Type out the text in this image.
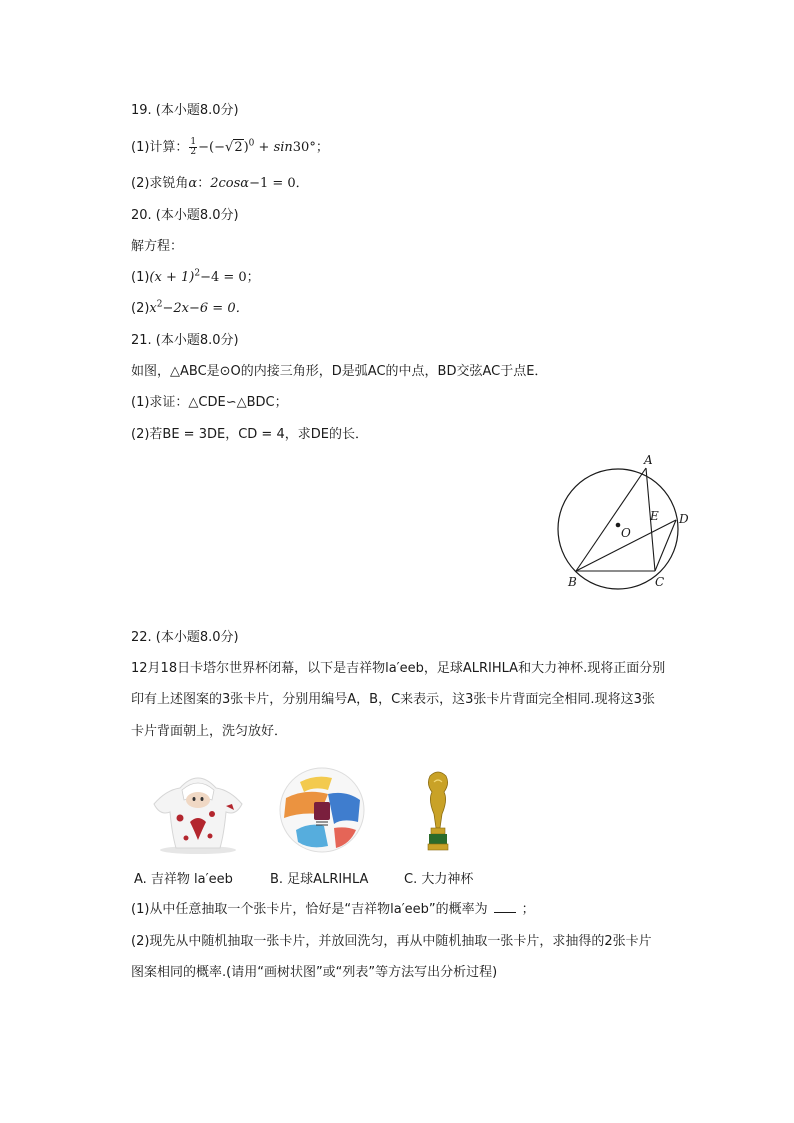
19. (本小题8.0分)
(1)计算： $\frac{1}{2} -(-√2)^0 + \sin 30^\circ$；
(2)求锐角α：2cosα−1 = 0．
20. (本小题8.0分)
解方程：
$(1)(x + 1)^2-4 = 0$；
$(2)x^2-2x-6 = 0$．
21. (本小题8.0分)
如图，△ABC是⊙O的内接三角形，D是弧AC的中点，BD交弦AC于点E．
(1)求证：△CDE∽△BDC；
(2)若BE = 3DE，CD = 4，求DE的长．
A
B	C
D
E
O
22. (本小题8.0分)
12月18日卡塔尔世界杯闭幕，以下是吉祥物la′eeb，足球ALRIHLA和大力神杯.现将正面分别
印有上述图案的3张卡片，分别用编号A，B，C来表示，这3张卡片背面完全相同.现将这3张
卡片背面朝上，洗匀放好．
A. 吉祥物 la′eeb	B. 足球ALRIHLA	C. 大力神杯
(1)从中任意抽取一个张卡片，恰好是“吉祥物la′eeb”的概率为	；
(2)现先从中随机抽取一张卡片，并放回洗匀，再从中随机抽取一张卡片，求抽得的2张卡片
图案相同的概率.(请用“画树状图”或“列表”等方法写出分析过程)
